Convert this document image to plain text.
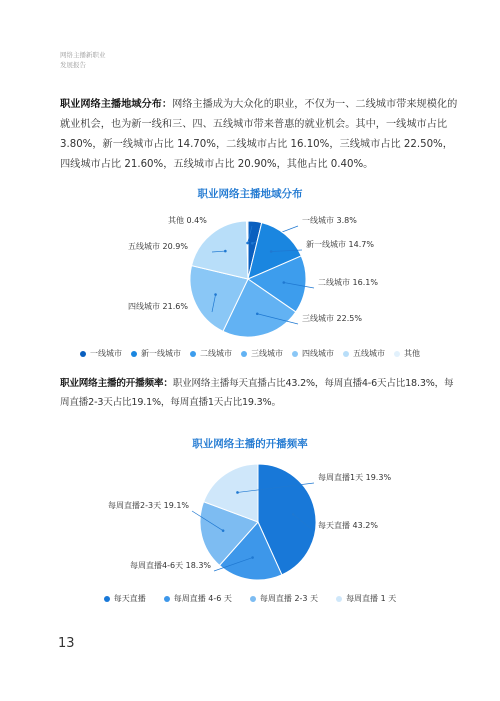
网络主播新职业
发展报告

职业网络主播地域分布：网络主播成为大众化的职业，不仅为一、二线城市带来规模化的就业机会，也为新一线和三、四、五线城市带来普惠的就业机会。其中，一线城市占比3.80%，新一线城市占比 14.70%，二线城市占比 16.10%，三线城市占比 22.50%，四线城市占比 21.60%，五线城市占比 20.90%，其他占比 0.40%。

职业网络主播地域分布
一线城市 3.8%
新一线城市 14.7%
二线城市 16.1%
三线城市 22.5%
四线城市 21.6%
五线城市 20.9%
其他 0.4%
一线城市 新一线城市 二线城市 三线城市 四线城市 五线城市 其他

职业网络主播的开播频率：职业网络主播每天直播占比43.2%，每周直播4-6天占比18.3%，每周直播2-3天占比19.1%，每周直播1天占比19.3%。

职业网络主播的开播频率
每天直播 43.2%
每周直播4-6天 18.3%
每周直播2-3天 19.1%
每周直播1天 19.3%
每天直播	每周直播 4-6 天	每周直播 2-3 天	每周直播 1 天
13
